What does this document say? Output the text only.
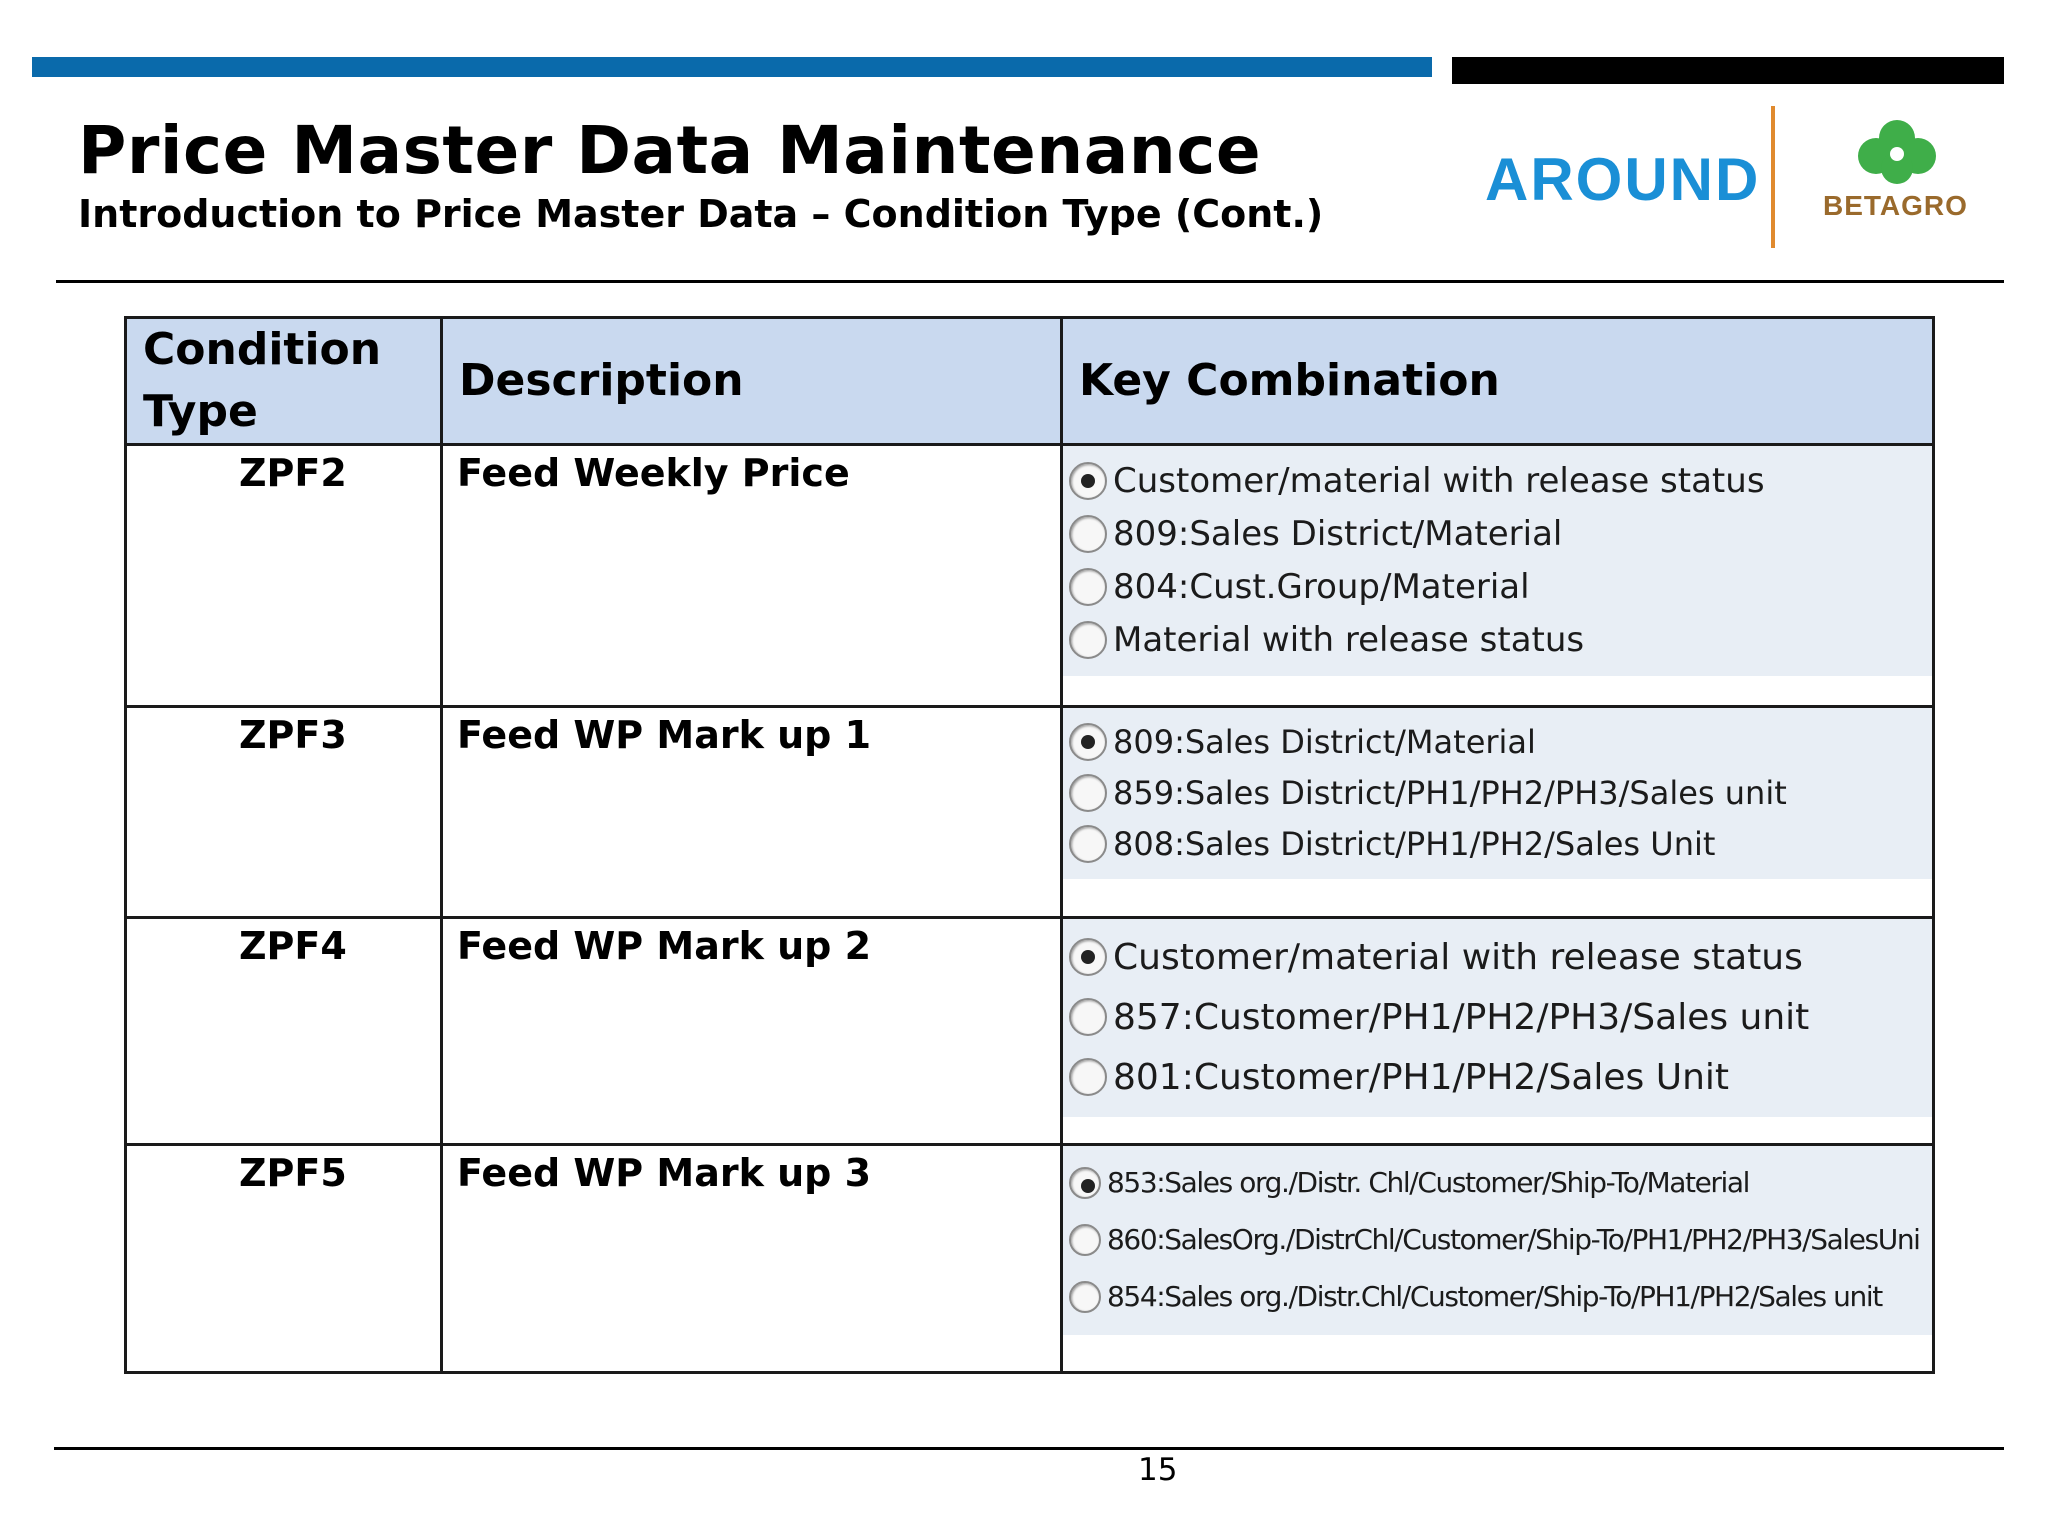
Price Master Data Maintenance
Introduction to Price Master Data – Condition Type (Cont.)
AROUND BETAGRO
Condition Type	Description	Key Combination

ZPF2	Feed Weekly Price	Customer/material with release status
809:Sales District/Material
804:Cust.Group/Material
Material with release status

ZPF3	Feed WP Mark up 1	809:Sales District/Material
859:Sales District/PH1/PH2/PH3/Sales unit
808:Sales District/PH1/PH2/Sales Unit

ZPF4	Feed WP Mark up 2	Customer/material with release status
857:Customer/PH1/PH2/PH3/Sales unit
801:Customer/PH1/PH2/Sales Unit

ZPF5	Feed WP Mark up 3	853:Sales org./Distr. Chl/Customer/Ship-To/Material
860:SalesOrg./DistrChl/Customer/Ship-To/PH1/PH2/PH3/SalesUni
854:Sales org./Distr.Chl/Customer/Ship-To/PH1/PH2/Sales unit
15
